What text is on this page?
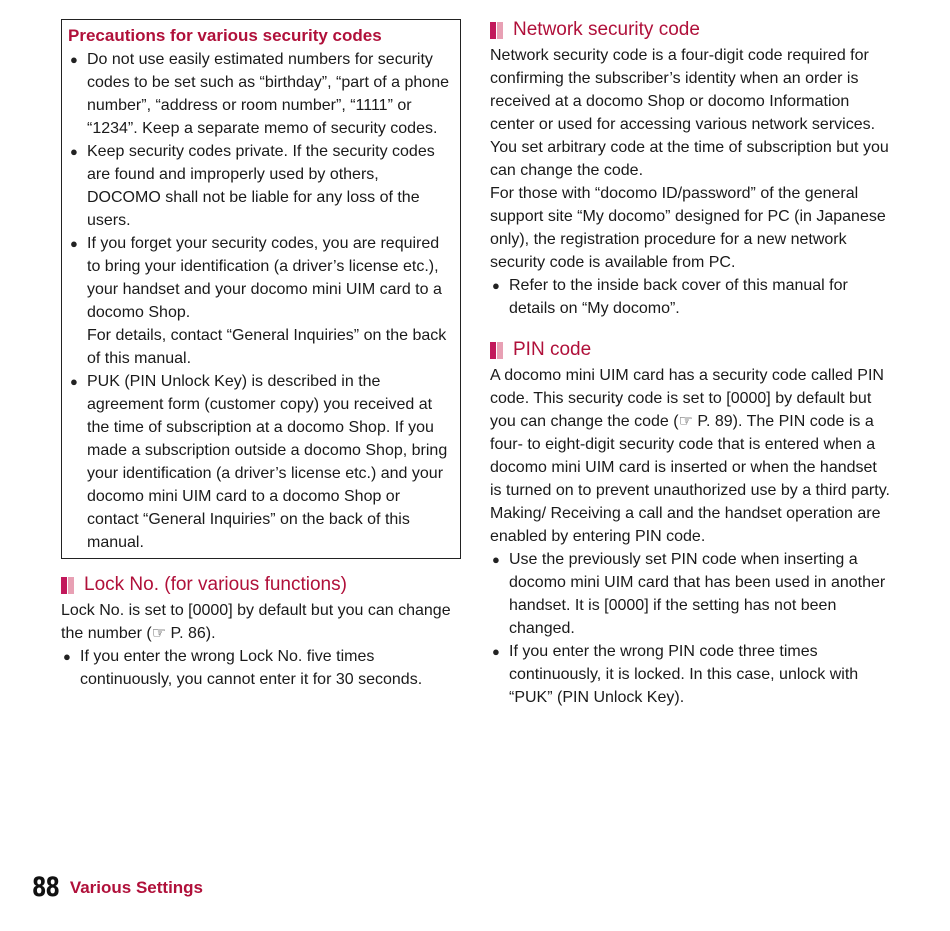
Precautions for various security codes
● Do not use easily estimated numbers for security codes to be set such as “birthday”, “part of a phone number”, “address or room number”, “1111” or “1234”. Keep a separate memo of security codes.
● Keep security codes private. If the security codes are found and improperly used by others, DOCOMO shall not be liable for any loss of the users.
● If you forget your security codes, you are required to bring your identification (a driver’s license etc.), your handset and your docomo mini UIM card to a docomo Shop.
For details, contact “General Inquiries” on the back of this manual.
● PUK (PIN Unlock Key) is described in the agreement form (customer copy) you received at the time of subscription at a docomo Shop. If you made a subscription outside a docomo Shop, bring your identification (a driver’s license etc.) and your docomo mini UIM card to a docomo Shop or contact “General Inquiries” on the back of this manual.
Lock No. (for various functions)

Lock No. is set to [0000] by default but you can change the number (☞ P. 86).

● If you enter the wrong Lock No. five times continuously, you cannot enter it for 30 seconds.
Network security code

Network security code is a four-digit code required for confirming the subscriber’s identity when an order is received at a docomo Shop or docomo Information center or used for accessing various network services. You set arbitrary code at the time of subscription but you can change the code.

For those with “docomo ID/password” of the general support site “My docomo” designed for PC (in Japanese only), the registration procedure for a new network security code is available from PC.

● Refer to the inside back cover of this manual for details on “My docomo”.
PIN code

A docomo mini UIM card has a security code called PIN code. This security code is set to [0000] by default but you can change the code (☞ P. 89). The PIN code is a four- to eight-digit security code that is entered when a docomo mini UIM card is inserted or when the handset is turned on to prevent unauthorized use by a third party. Making/ Receiving a call and the handset operation are enabled by entering PIN code.

● Use the previously set PIN code when inserting a docomo mini UIM card that has been used in another handset. It is [0000] if the setting has not been changed.
● If you enter the wrong PIN code three times continuously, it is locked. In this case, unlock with “PUK” (PIN Unlock Key).
88 Various Settings
